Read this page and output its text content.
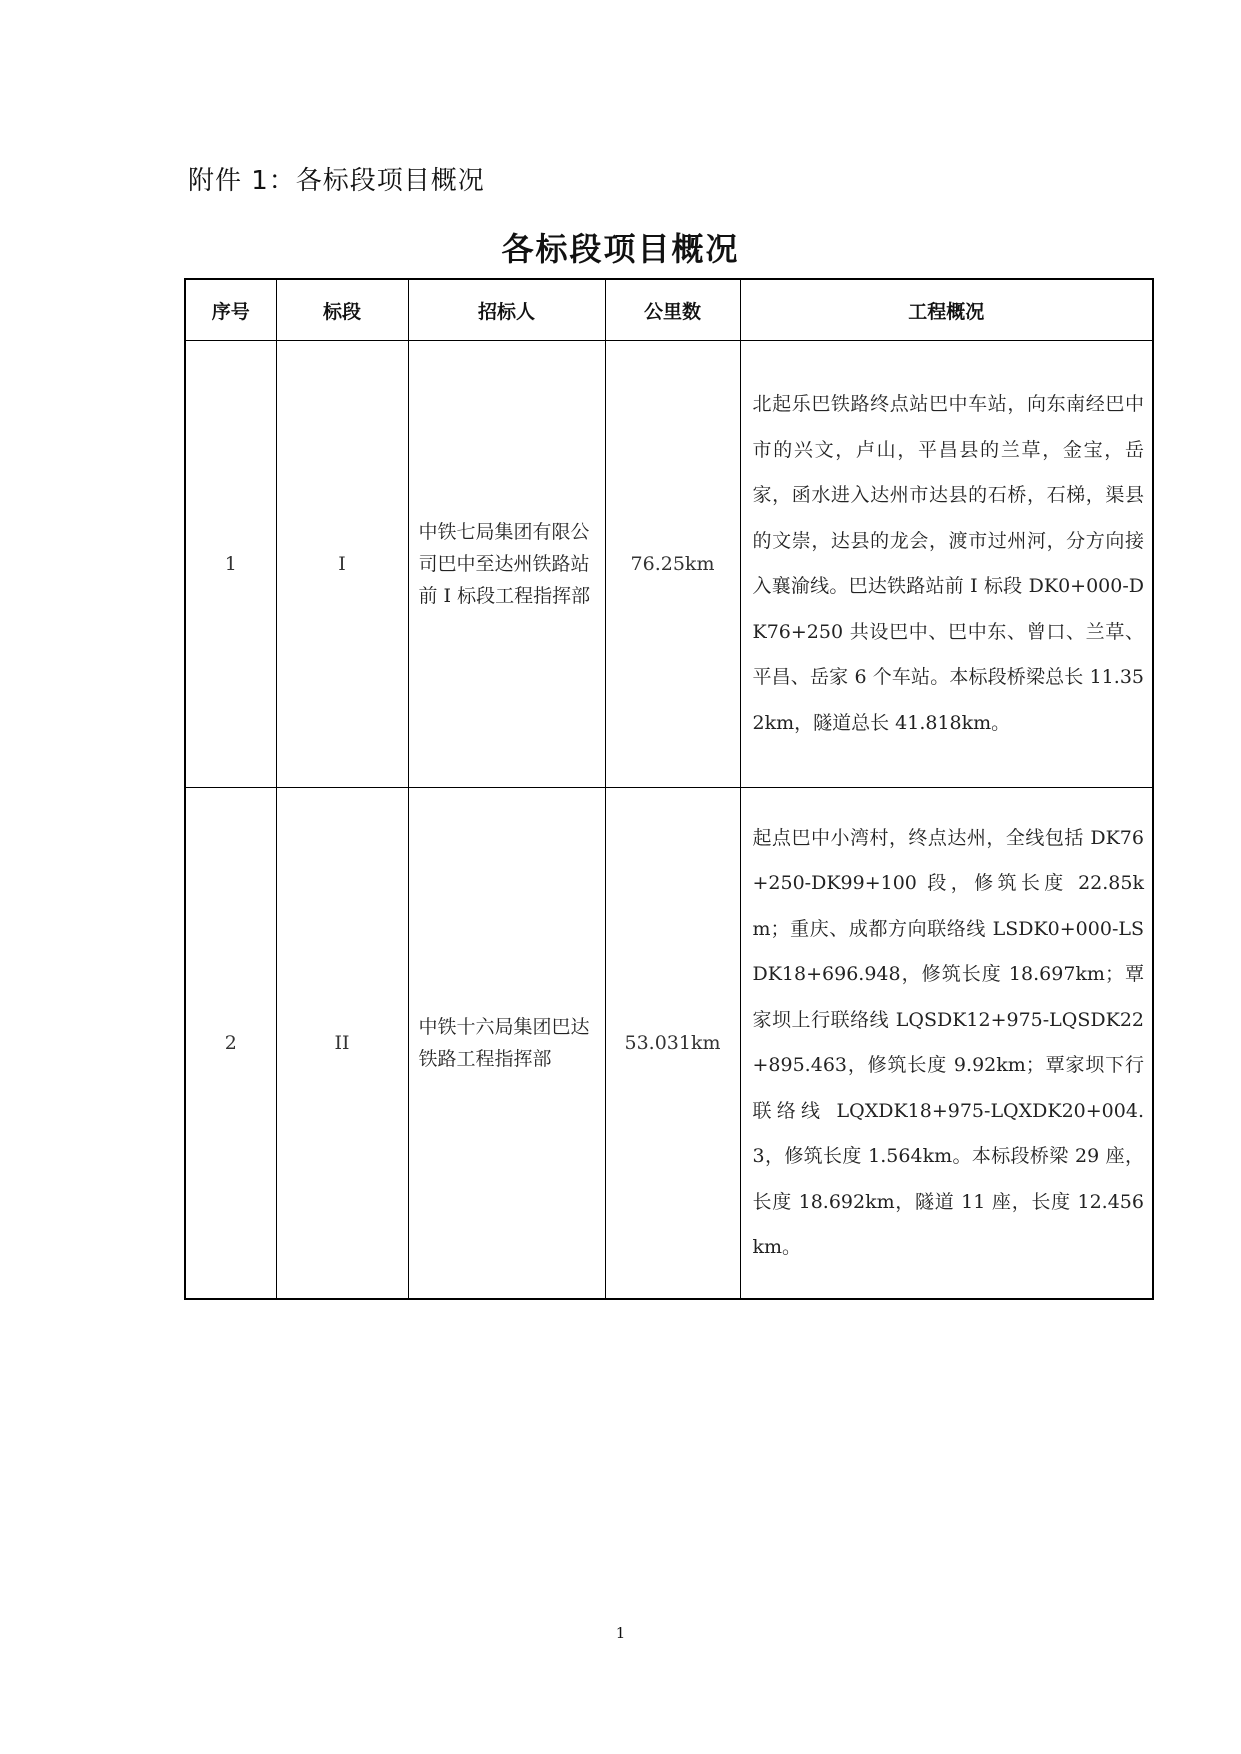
附件 1：各标段项目概况
各标段项目概况
序号	标段	招标人	公里数	工程概况
1	I	中铁七局集团有限公司巴中至达州铁路站前 I 标段工程指挥部	76.25km	北起乐巴铁路终点站巴中车站，向东南经巴中市的兴文，卢山，平昌县的兰草，金宝，岳家，函水进入达州市达县的石桥，石梯，渠县的文崇，达县的龙会，渡市过州河，分方向接入襄渝线。巴达铁路站前 I 标段 DK0+000-DK76+250 共设巴中、巴中东、曾口、兰草、平昌、岳家 6 个车站。本标段桥梁总长 11.352km，隧道总长 41.818km。
2	II	中铁十六局集团巴达铁路工程指挥部	53.031km	起点巴中小湾村，终点达州，全线包括 DK76+250-DK99+100 段，修筑长度 22.85km；重庆、成都方向联络线 LSDK0+000-LSDK18+696.948，修筑长度 18.697km；覃家坝上行联络线 LQSDK12+975-LQSDK22+895.463，修筑长度 9.92km；覃家坝下行联络线 LQXDK18+975-LQXDK20+004.3，修筑长度 1.564km。本标段桥梁 29 座，长度 18.692km，隧道 11 座，长度 12.456km。
1
